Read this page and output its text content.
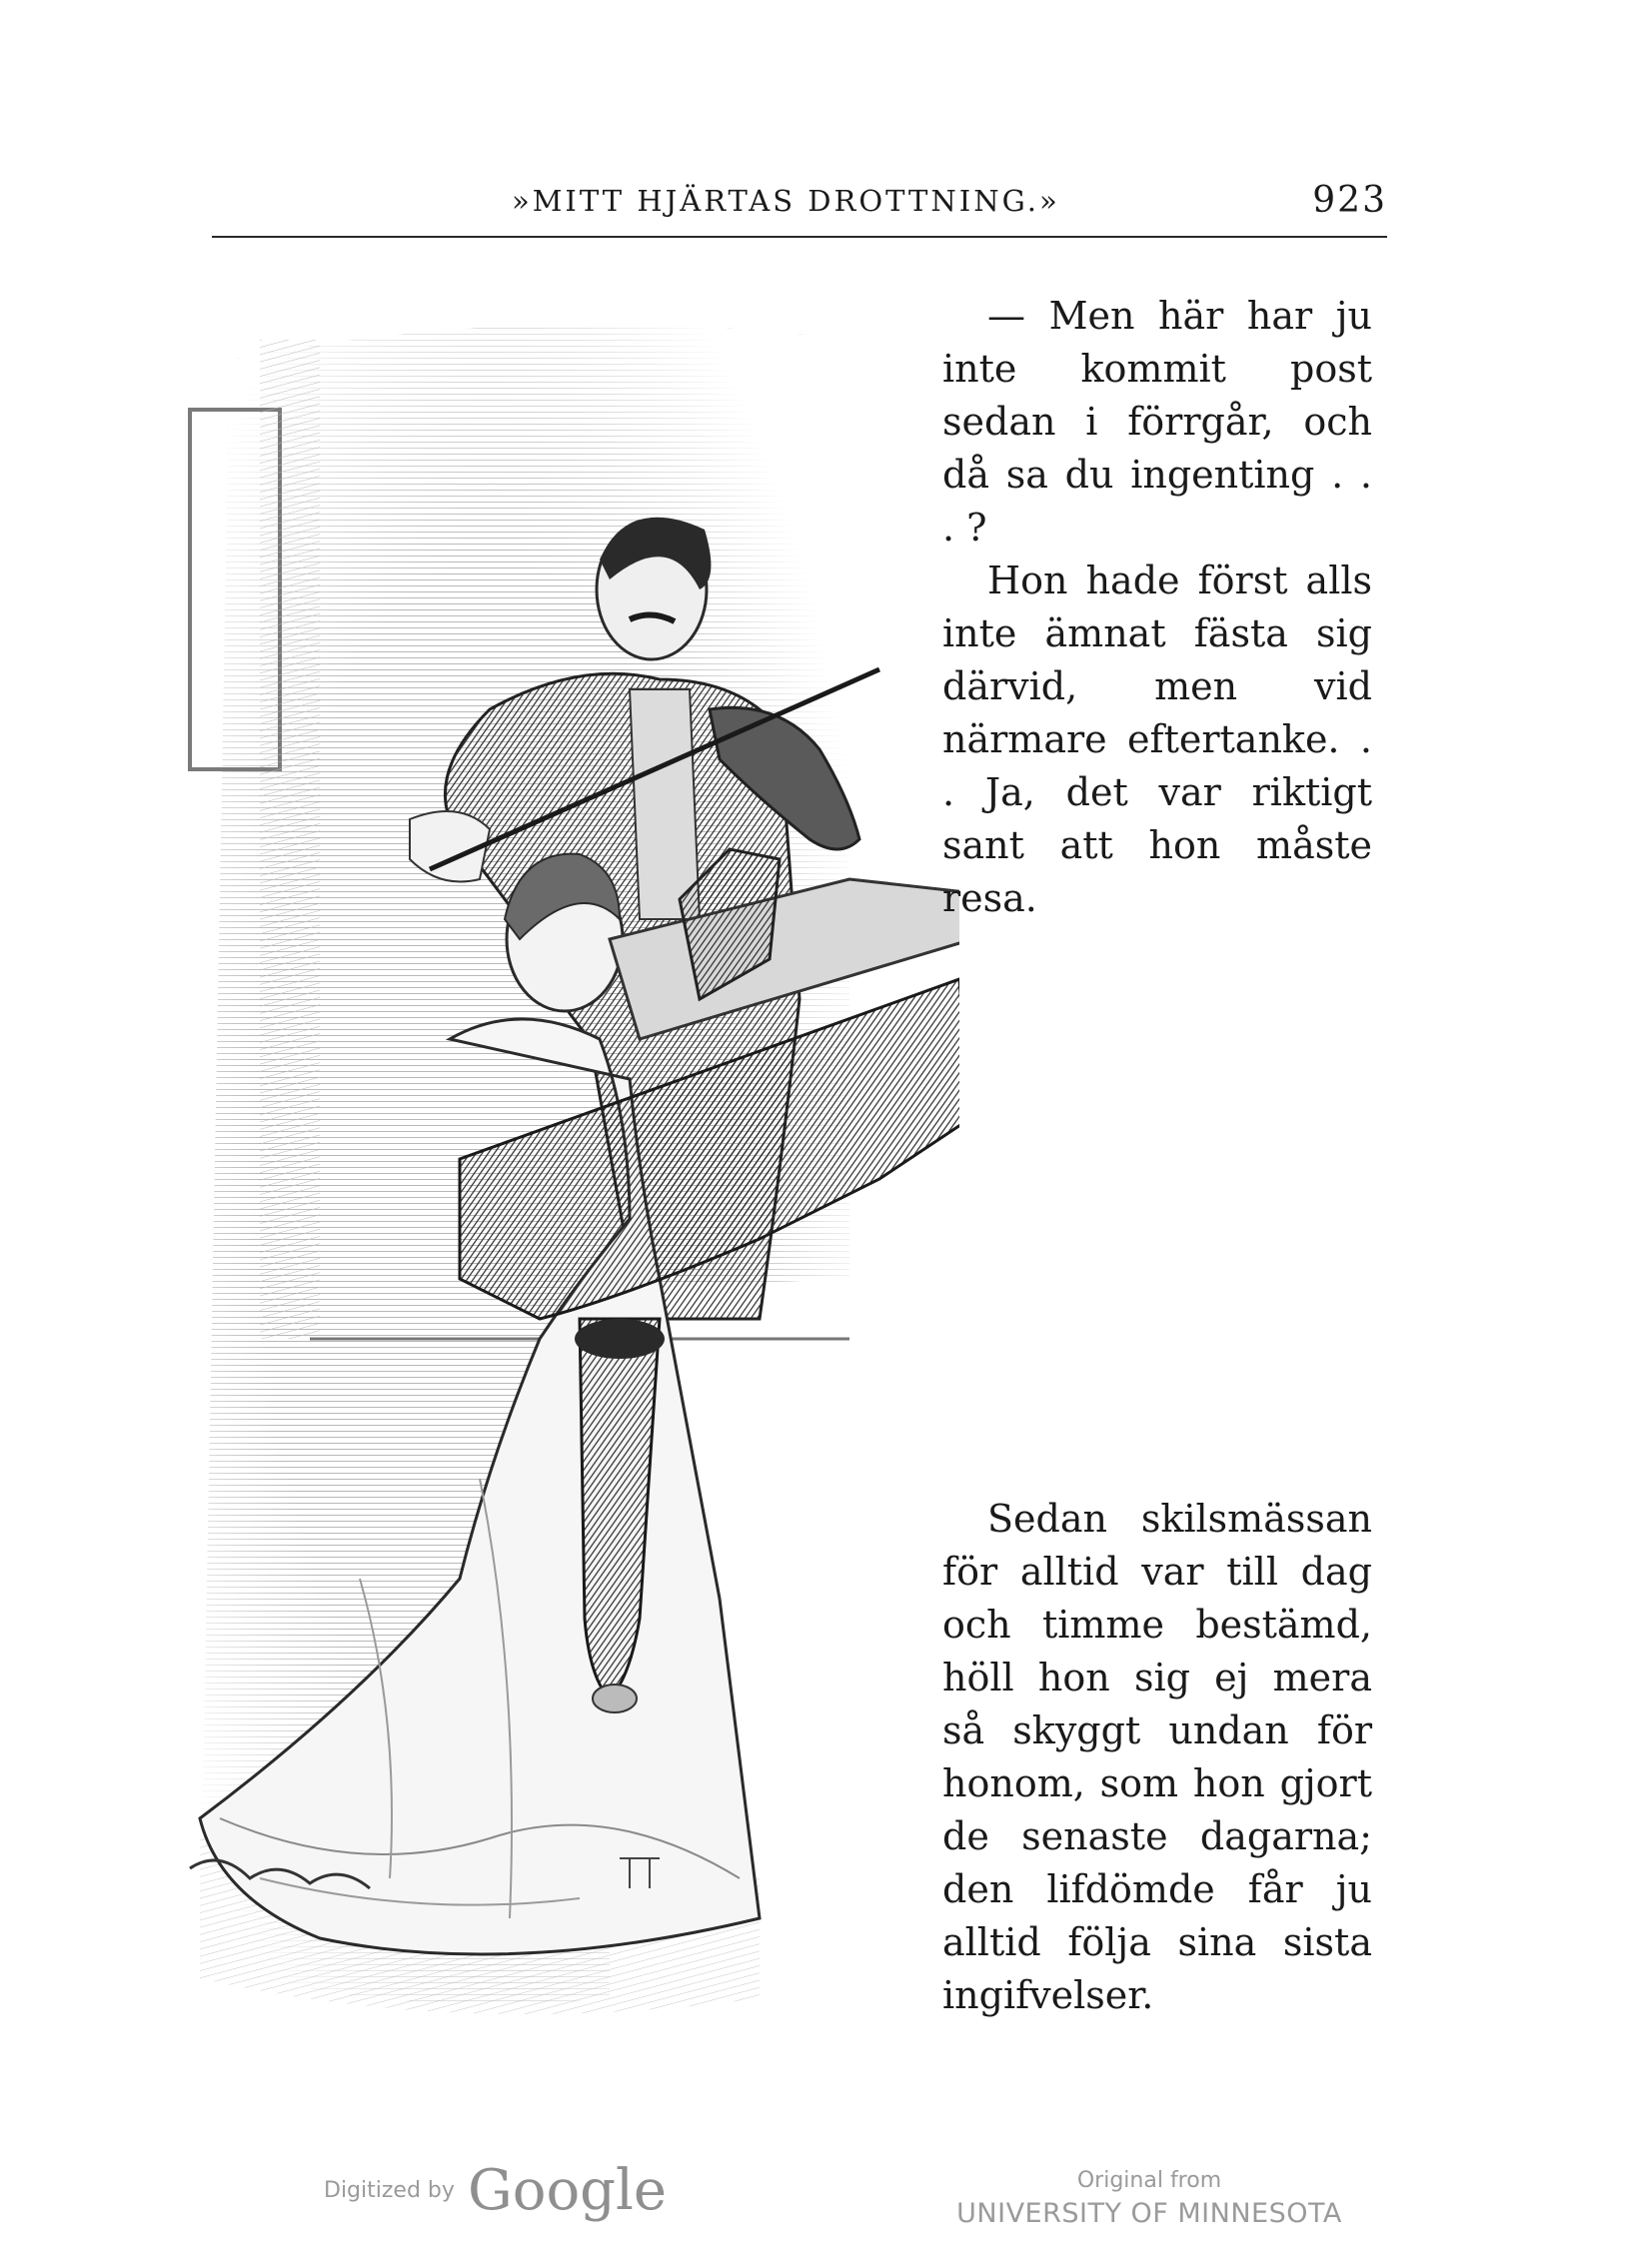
»MITT HJÄRTAS DROTTNING.»	923

— Men här har ju inte kommit post sedan i förrgår, och då sa du ingenting . . . ?

Hon hade först alls inte ämnat fästa sig därvid, men vid närmare eftertanke. . . Ja, det var riktigt sant att hon måste resa.

Sedan skilsmässan för alltid var till dag och timme bestämd, höll hon sig ej mera så skyggt undan för honom, som hon gjort de senaste dagarna; den lifdömde får ju alltid följa sina sista ingifvelser.

Digitized by Google	Original from
UNIVERSITY OF MINNESOTA
